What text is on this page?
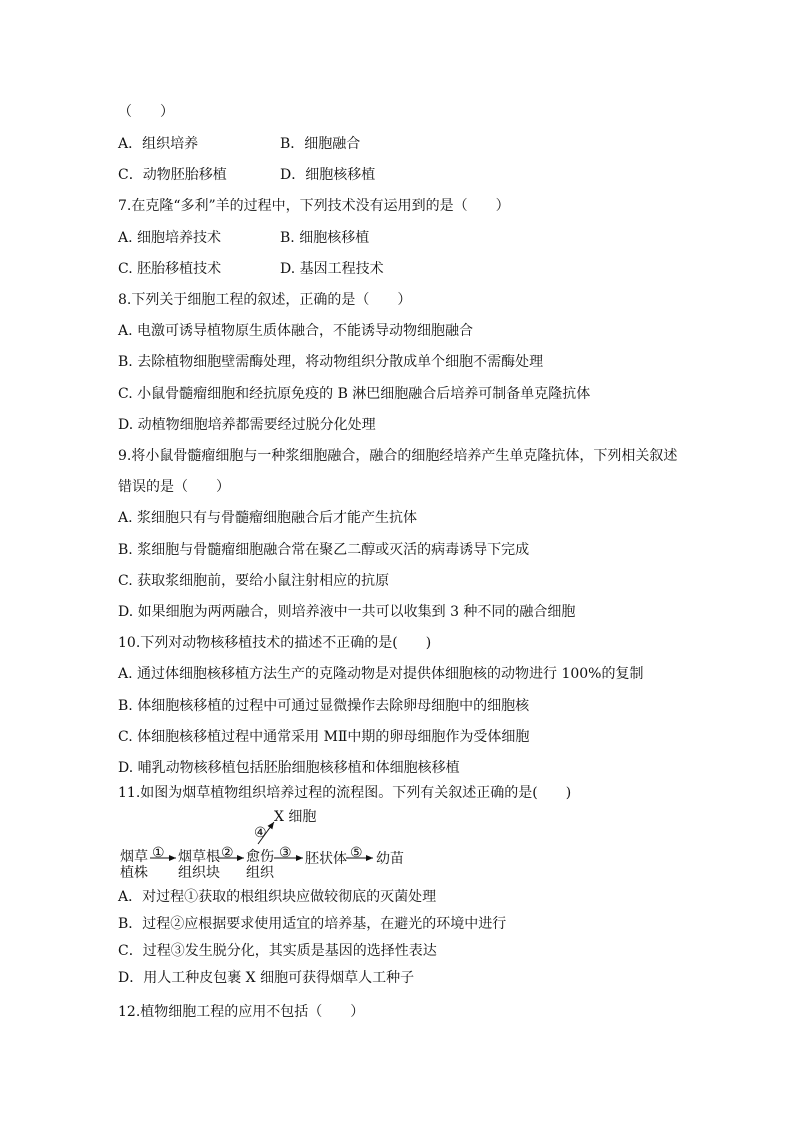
（　　）
A．组织培养	B．细胞融合
C．动物胚胎移植	D．细胞核移植
7.在克隆“多利”羊的过程中，下列技术没有运用到的是（　　）
A. 细胞培养技术	B. 细胞核移植
C. 胚胎移植技术	D. 基因工程技术
8.下列关于细胞工程的叙述，正确的是（　　）
A. 电激可诱导植物原生质体融合，不能诱导动物细胞融合
B. 去除植物细胞壁需酶处理，将动物组织分散成单个细胞不需酶处理
C. 小鼠骨髓瘤细胞和经抗原免疫的 B 淋巴细胞融合后培养可制备单克隆抗体
D. 动植物细胞培养都需要经过脱分化处理
9.将小鼠骨髓瘤细胞与一种浆细胞融合，融合的细胞经培养产生单克隆抗体，下列相关叙述
错误的是（　　）
A. 浆细胞只有与骨髓瘤细胞融合后才能产生抗体
B. 浆细胞与骨髓瘤细胞融合常在聚乙二醇或灭活的病毒诱导下完成
C. 获取浆细胞前，要给小鼠注射相应的抗原
D. 如果细胞为两两融合，则培养液中一共可以收集到 3 种不同的融合细胞
10.下列对动物核移植技术的描述不正确的是(　　)
A. 通过体细胞核移植方法生产的克隆动物是对提供体细胞核的动物进行 100%的复制
B. 体细胞核移植的过程中可通过显微操作去除卵母细胞中的细胞核
C. 体细胞核移植过程中通常采用 MⅡ中期的卵母细胞作为受体细胞
D. 哺乳动物核移植包括胚胎细胞核移植和体细胞核移植
11.如图为烟草植物组织培养过程的流程图。下列有关叙述正确的是(　　)
X 细胞
④
烟草
植株
① 烟草根
组织块
② 愈伤
组织
③ 胚状体 ⑤ 幼苗
A．对过程①获取的根组织块应做较彻底的灭菌处理
B．过程②应根据要求使用适宜的培养基，在避光的环境中进行
C．过程③发生脱分化，其实质是基因的选择性表达
D．用人工种皮包裹 X 细胞可获得烟草人工种子
12.植物细胞工程的应用不包括（　　）
